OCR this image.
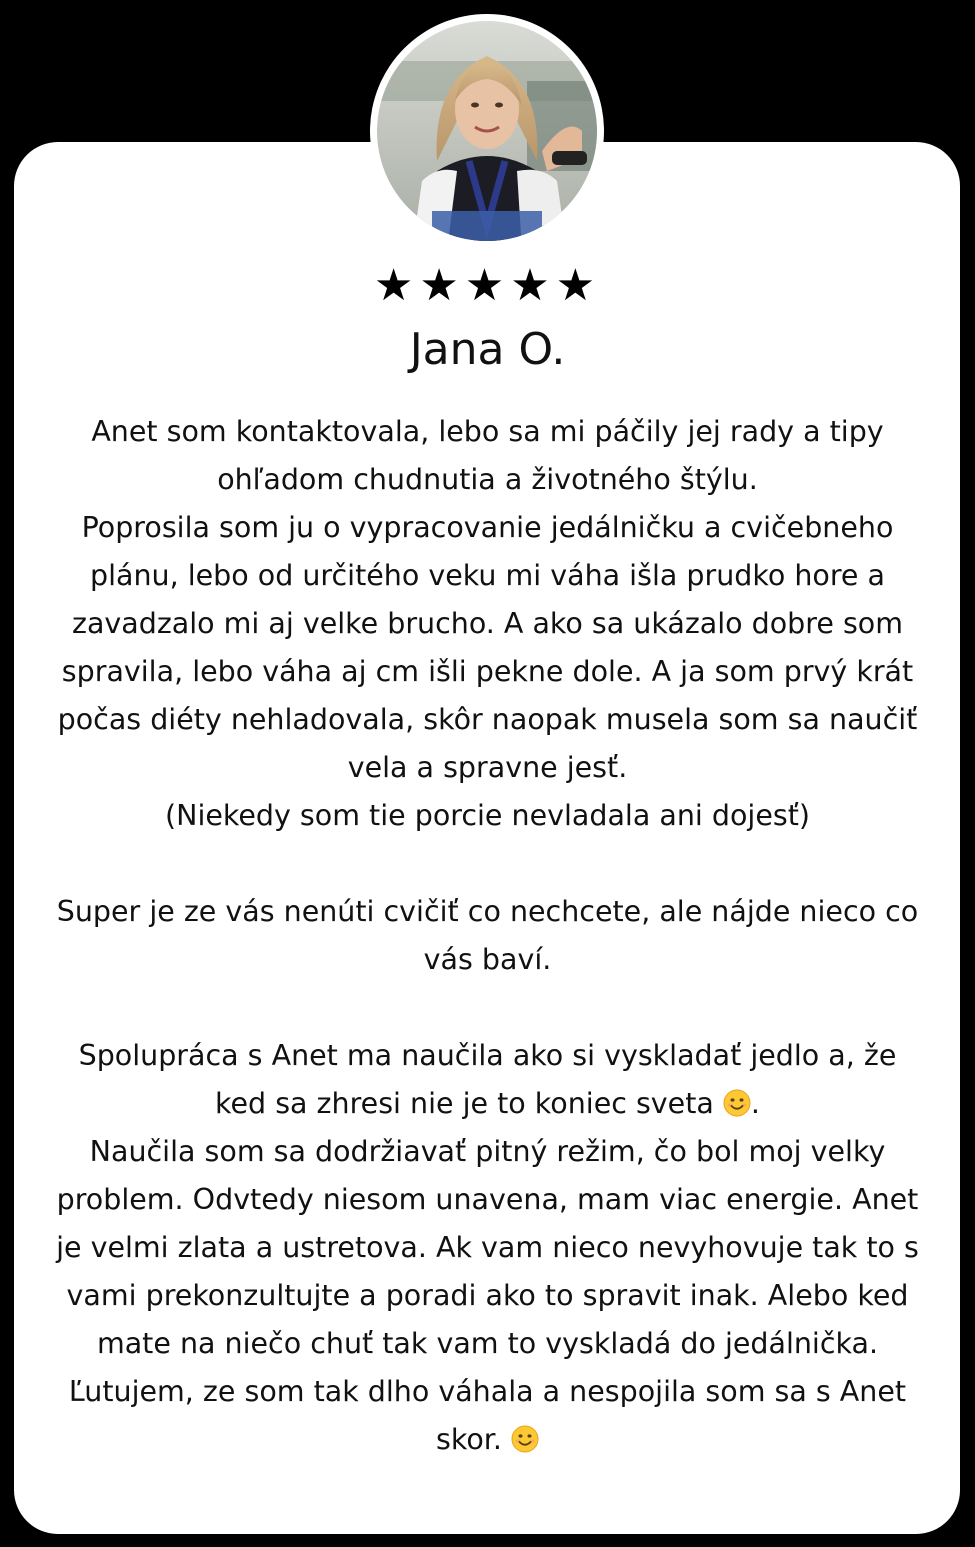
★★★★★
Jana O.

Anet som kontaktovala, lebo sa mi páčily jej rady a tipy ohľadom chudnutia a životného štýlu.

Poprosila som ju o vypracovanie jedálničku a cvičebneho plánu, lebo od určitého veku mi váha išla prudko hore a zavadzalo mi aj velke brucho. A ako sa ukázalo dobre som spravila, lebo váha aj cm išli pekne dole. A ja som prvý krát počas diéty nehladovala, skôr naopak musela som sa naučiť vela a spravne jesť.

(Niekedy som tie porcie nevladala ani dojesť)

Super je ze vás nenúti cvičiť co nechcete, ale nájde nieco co vás baví.

Spolupráca s Anet ma naučila ako si vyskladať jedlo a, že ked sa zhresi nie je to koniec sveta .

Naučila som sa dodržiavať pitný režim, čo bol moj velky problem. Odvtedy niesom unavena, mam viac energie. Anet je velmi zlata a ustretova. Ak vam nieco nevyhovuje tak to s vami prekonzultujte a poradi ako to spravit inak. Alebo ked mate na niečo chuť tak vam to vyskladá do jedálnička.

Ľutujem, ze som tak dlho váhala a nespojila som sa s Anet skor.
